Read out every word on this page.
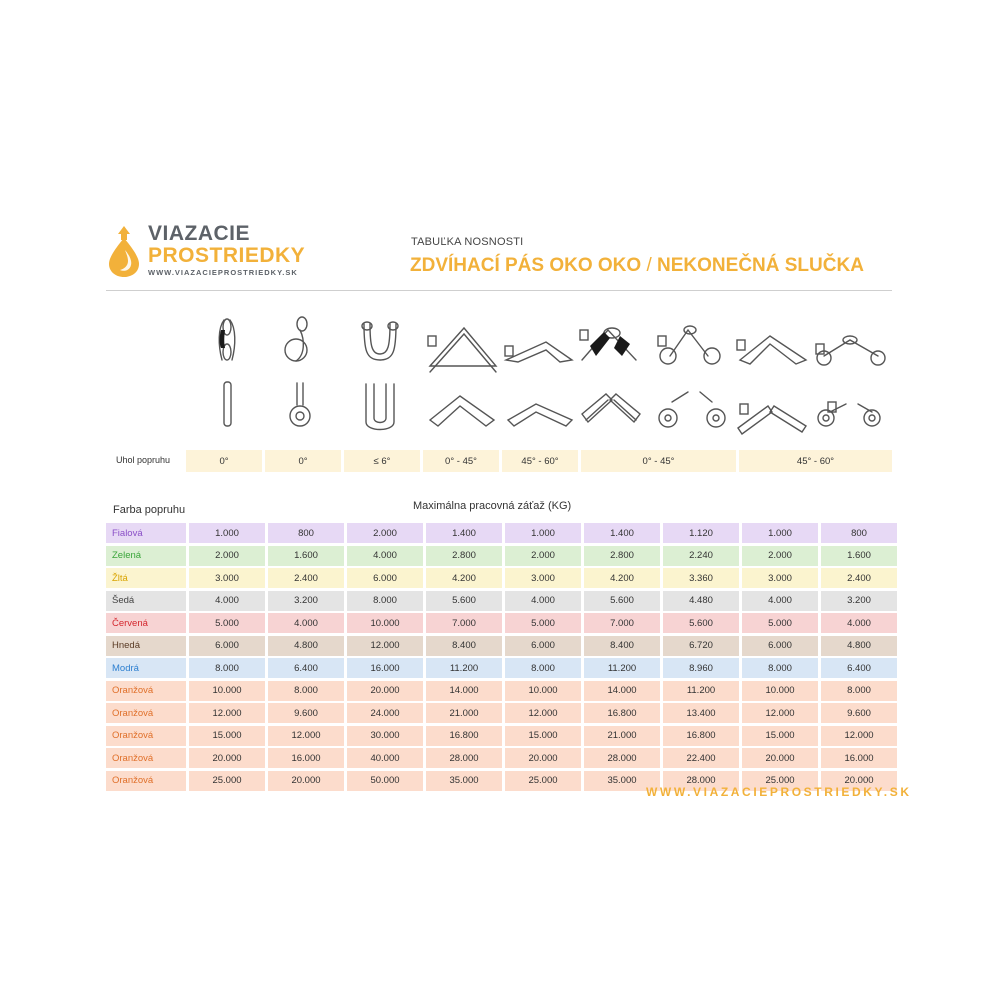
VIAZACIE
PROSTRIEDKY
WWW.VIAZACIEPROSTRIEDKY.SK
TABUĽKA NOSNOSTI
ZDVÍHACÍ PÁS OKO OKO / NEKONEČNÁ SLUČKA
Uhol popruhu	0°	0°	≤ 6°	0° - 45°	45° - 60°	0° - 45°	45° - 60°
Farba popruhu	Maximálna pracovná záťaž (KG)
Fialová	1.000	800	2.000	1.400	1.000	1.400	1.120	1.000	800
Zelená	2.000	1.600	4.000	2.800	2.000	2.800	2.240	2.000	1.600
Žltá	3.000	2.400	6.000	4.200	3.000	4.200	3.360	3.000	2.400
Šedá	4.000	3.200	8.000	5.600	4.000	5.600	4.480	4.000	3.200
Červená	5.000	4.000	10.000	7.000	5.000	7.000	5.600	5.000	4.000
Hnedá	6.000	4.800	12.000	8.400	6.000	8.400	6.720	6.000	4.800
Modrá	8.000	6.400	16.000	11.200	8.000	11.200	8.960	8.000	6.400
Oranžová	10.000	8.000	20.000	14.000	10.000	14.000	11.200	10.000	8.000
Oranžová	12.000	9.600	24.000	21.000	12.000	16.800	13.400	12.000	9.600
Oranžová	15.000	12.000	30.000	16.800	15.000	21.000	16.800	15.000	12.000
Oranžová	20.000	16.000	40.000	28.000	20.000	28.000	22.400	20.000	16.000
Oranžová	25.000	20.000	50.000	35.000	25.000	35.000	28.000	25.000	20.000
WWW.VIAZACIEPROSTRIEDKY.SK
